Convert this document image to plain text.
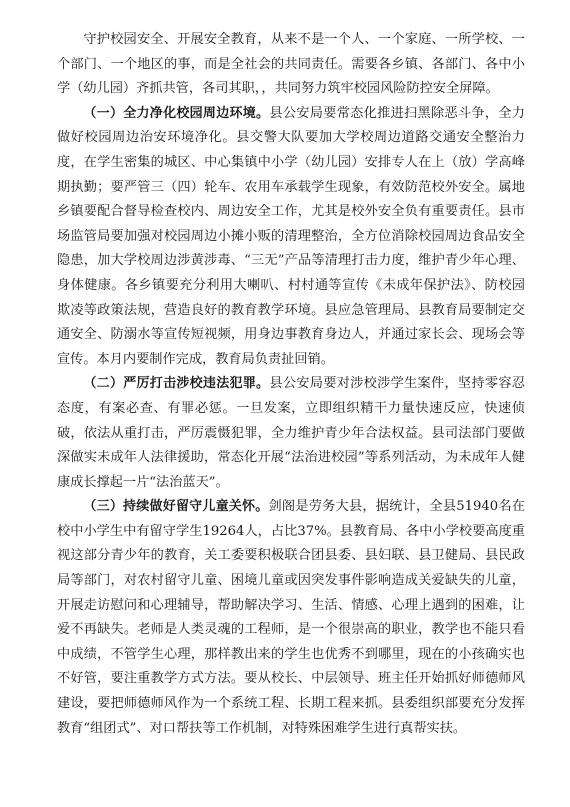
守护校园安全、开展安全教育，从来不是一个人、一个家庭、一所学校、一个部门、一个地区的事，而是全社会的共同责任。需要各乡镇、各部门、各中小学（幼儿园）齐抓共管，各司其职，，共同努力筑牢校园风险防控安全屏障。

（一）全力净化校园周边环境。县公安局要常态化推进扫黑除恶斗争，全力做好校园周边治安环境净化。县交警大队要加大学校周边道路交通安全整治力度，在学生密集的城区、中心集镇中小学（幼儿园）安排专人在上（放）学高峰期执勤；要严管三（四）轮车、农用车承载学生现象，有效防范校外安全。属地乡镇要配合督导检查校内、周边安全工作，尤其是校外安全负有重要责任。县市场监管局要加强对校园周边小摊小贩的清理整治，全方位消除校园周边食品安全隐患，加大学校周边涉黄涉毒、“三无”产品等清理打击力度，维护青少年心理、身体健康。各乡镇要充分利用大喇叭、村村通等宣传《未成年保护法》、防校园欺凌等政策法规，营造良好的教育教学环境。县应急管理局、县教育局要制定交通安全、防溺水等宣传短视频，用身边事教育身边人，并通过家长会、现场会等宣传。本月内要制作完成，教育局负责扯回销。

（二）严厉打击涉校违法犯罪。县公安局要对涉校涉学生案件，坚持零容忍态度，有案必查、有罪必惩。一旦发案，立即组织精干力量快速反应，快速侦破，依法从重打击，严厉震慑犯罪，全力维护青少年合法权益。县司法部门要做深做实未成年人法律援助，常态化开展“法治进校园”等系列活动，为未成年人健康成长撑起一片“法治蓝天”。

（三）持续做好留守儿童关怀。剑阁是劳务大县，据统计，全县51940名在校中小学生中有留守学生19264人，占比37%。县教育局、各中小学校要高度重视这部分青少年的教育，关工委要积极联合团县委、县妇联、县卫健局、县民政局等部门，对农村留守儿童、困境儿童或因突发事件影响造成关爱缺失的儿童，开展走访慰问和心理辅导，帮助解决学习、生活、情感、心理上遇到的困难，让爱不再缺失。老师是人类灵魂的工程师，是一个很崇高的职业，教学也不能只看中成绩，不管学生心理，那样教出来的学生也优秀不到哪里，现在的小孩确实也不好管，要注重教学方式方法。要从校长、中层领导、班主任开始抓好师德师风建设，要把师德师风作为一个系统工程、长期工程来抓。县委组织部要充分发挥教育“组团式”、对口帮扶等工作机制，对特殊困难学生进行真帮实扶。
